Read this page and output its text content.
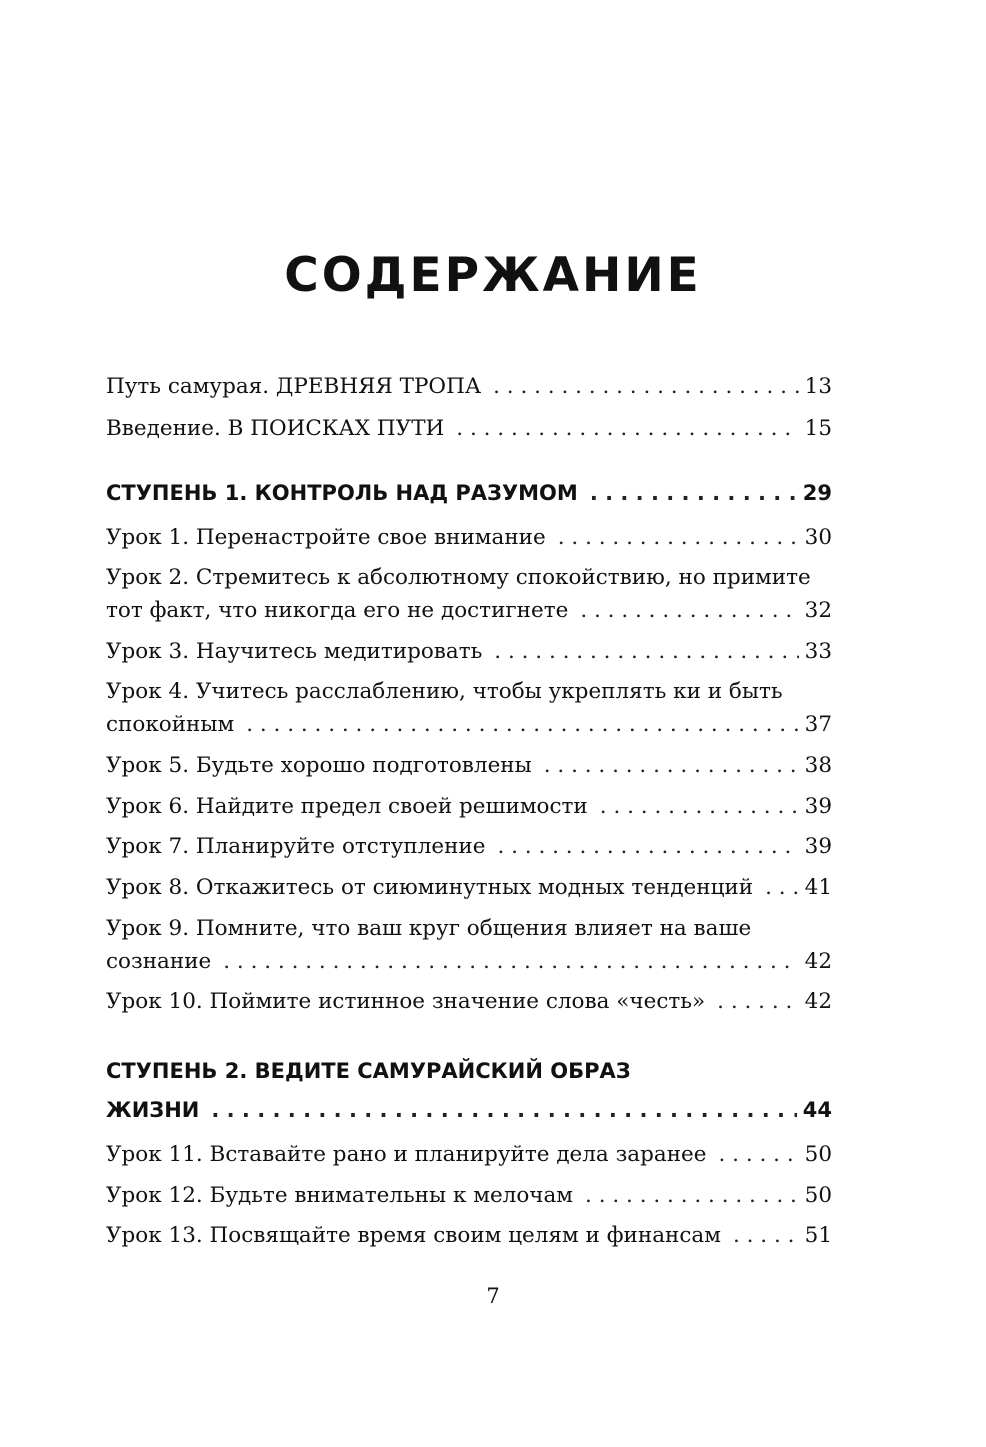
СОДЕРЖАНИЕ
Путь самурая. ДРЕВНЯЯ ТРОПА . . .	13
Введение. В ПОИСКАХ ПУТИ . . .	15
СТУПЕНЬ 1. КОНТРОЛЬ НАД РАЗУМОМ . . .	29
Урок 1. Перенастройте свое внимание . . .	30
Урок 2. Стремитесь к абсолютному спокойствию, но примите
тот факт, что никогда его не достигнете . . .	32
Урок 3. Научитесь медитировать . . .	33
Урок 4. Учитесь расслаблению, чтобы укреплять ки и быть
спокойным . . .	37
Урок 5. Будьте хорошо подготовлены . . .	38
Урок 6. Найдите предел своей решимости . . .	39
Урок 7. Планируйте отступление . . .	39
Урок 8. Откажитесь от сиюминутных модных тенденций . . . 41
Урок 9. Помните, что ваш круг общения влияет на ваше
сознание . . .	42
Урок 10. Поймите истинное значение слова «честь» . . .	42
СТУПЕНЬ 2. ВЕДИТЕ САМУРАЙСКИЙ ОБРАЗ
ЖИЗНИ . . .	44
Урок 11. Вставайте рано и планируйте дела заранее . . .	50
Урок 12. Будьте внимательны к мелочам . . .	50
Урок 13. Посвящайте время своим целям и финансам . . .	51
7
